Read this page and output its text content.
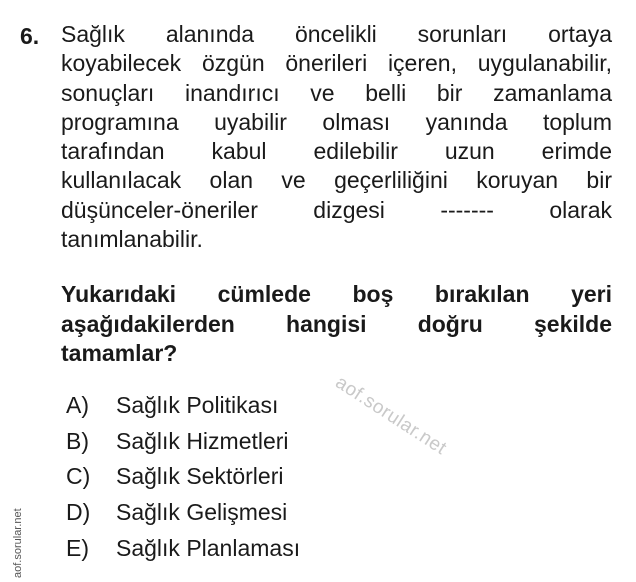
6. Sağlık alanında öncelikli sorunları ortaya
koyabilecek özgün önerileri içeren, uygulanabilir,
sonuçları inandırıcı ve belli bir zamanlama
programına uyabilir olması yanında toplum
tarafından kabul edilebilir uzun erimde
kullanılacak olan ve geçerliliğini koruyan bir
düşünceler-öneriler dizgesi ------- olarak
tanımlanabilir.
Yukarıdaki cümlede boş bırakılan yeri
aşağıdakilerden hangisi doğru şekilde
tamamlar?
A)	Sağlık Politikası
B)	Sağlık Hizmetleri
C)	Sağlık Sektörleri
D)	Sağlık Gelişmesi
E)	Sağlık Planlaması
aof.sorular.net
aof.sorular.net
